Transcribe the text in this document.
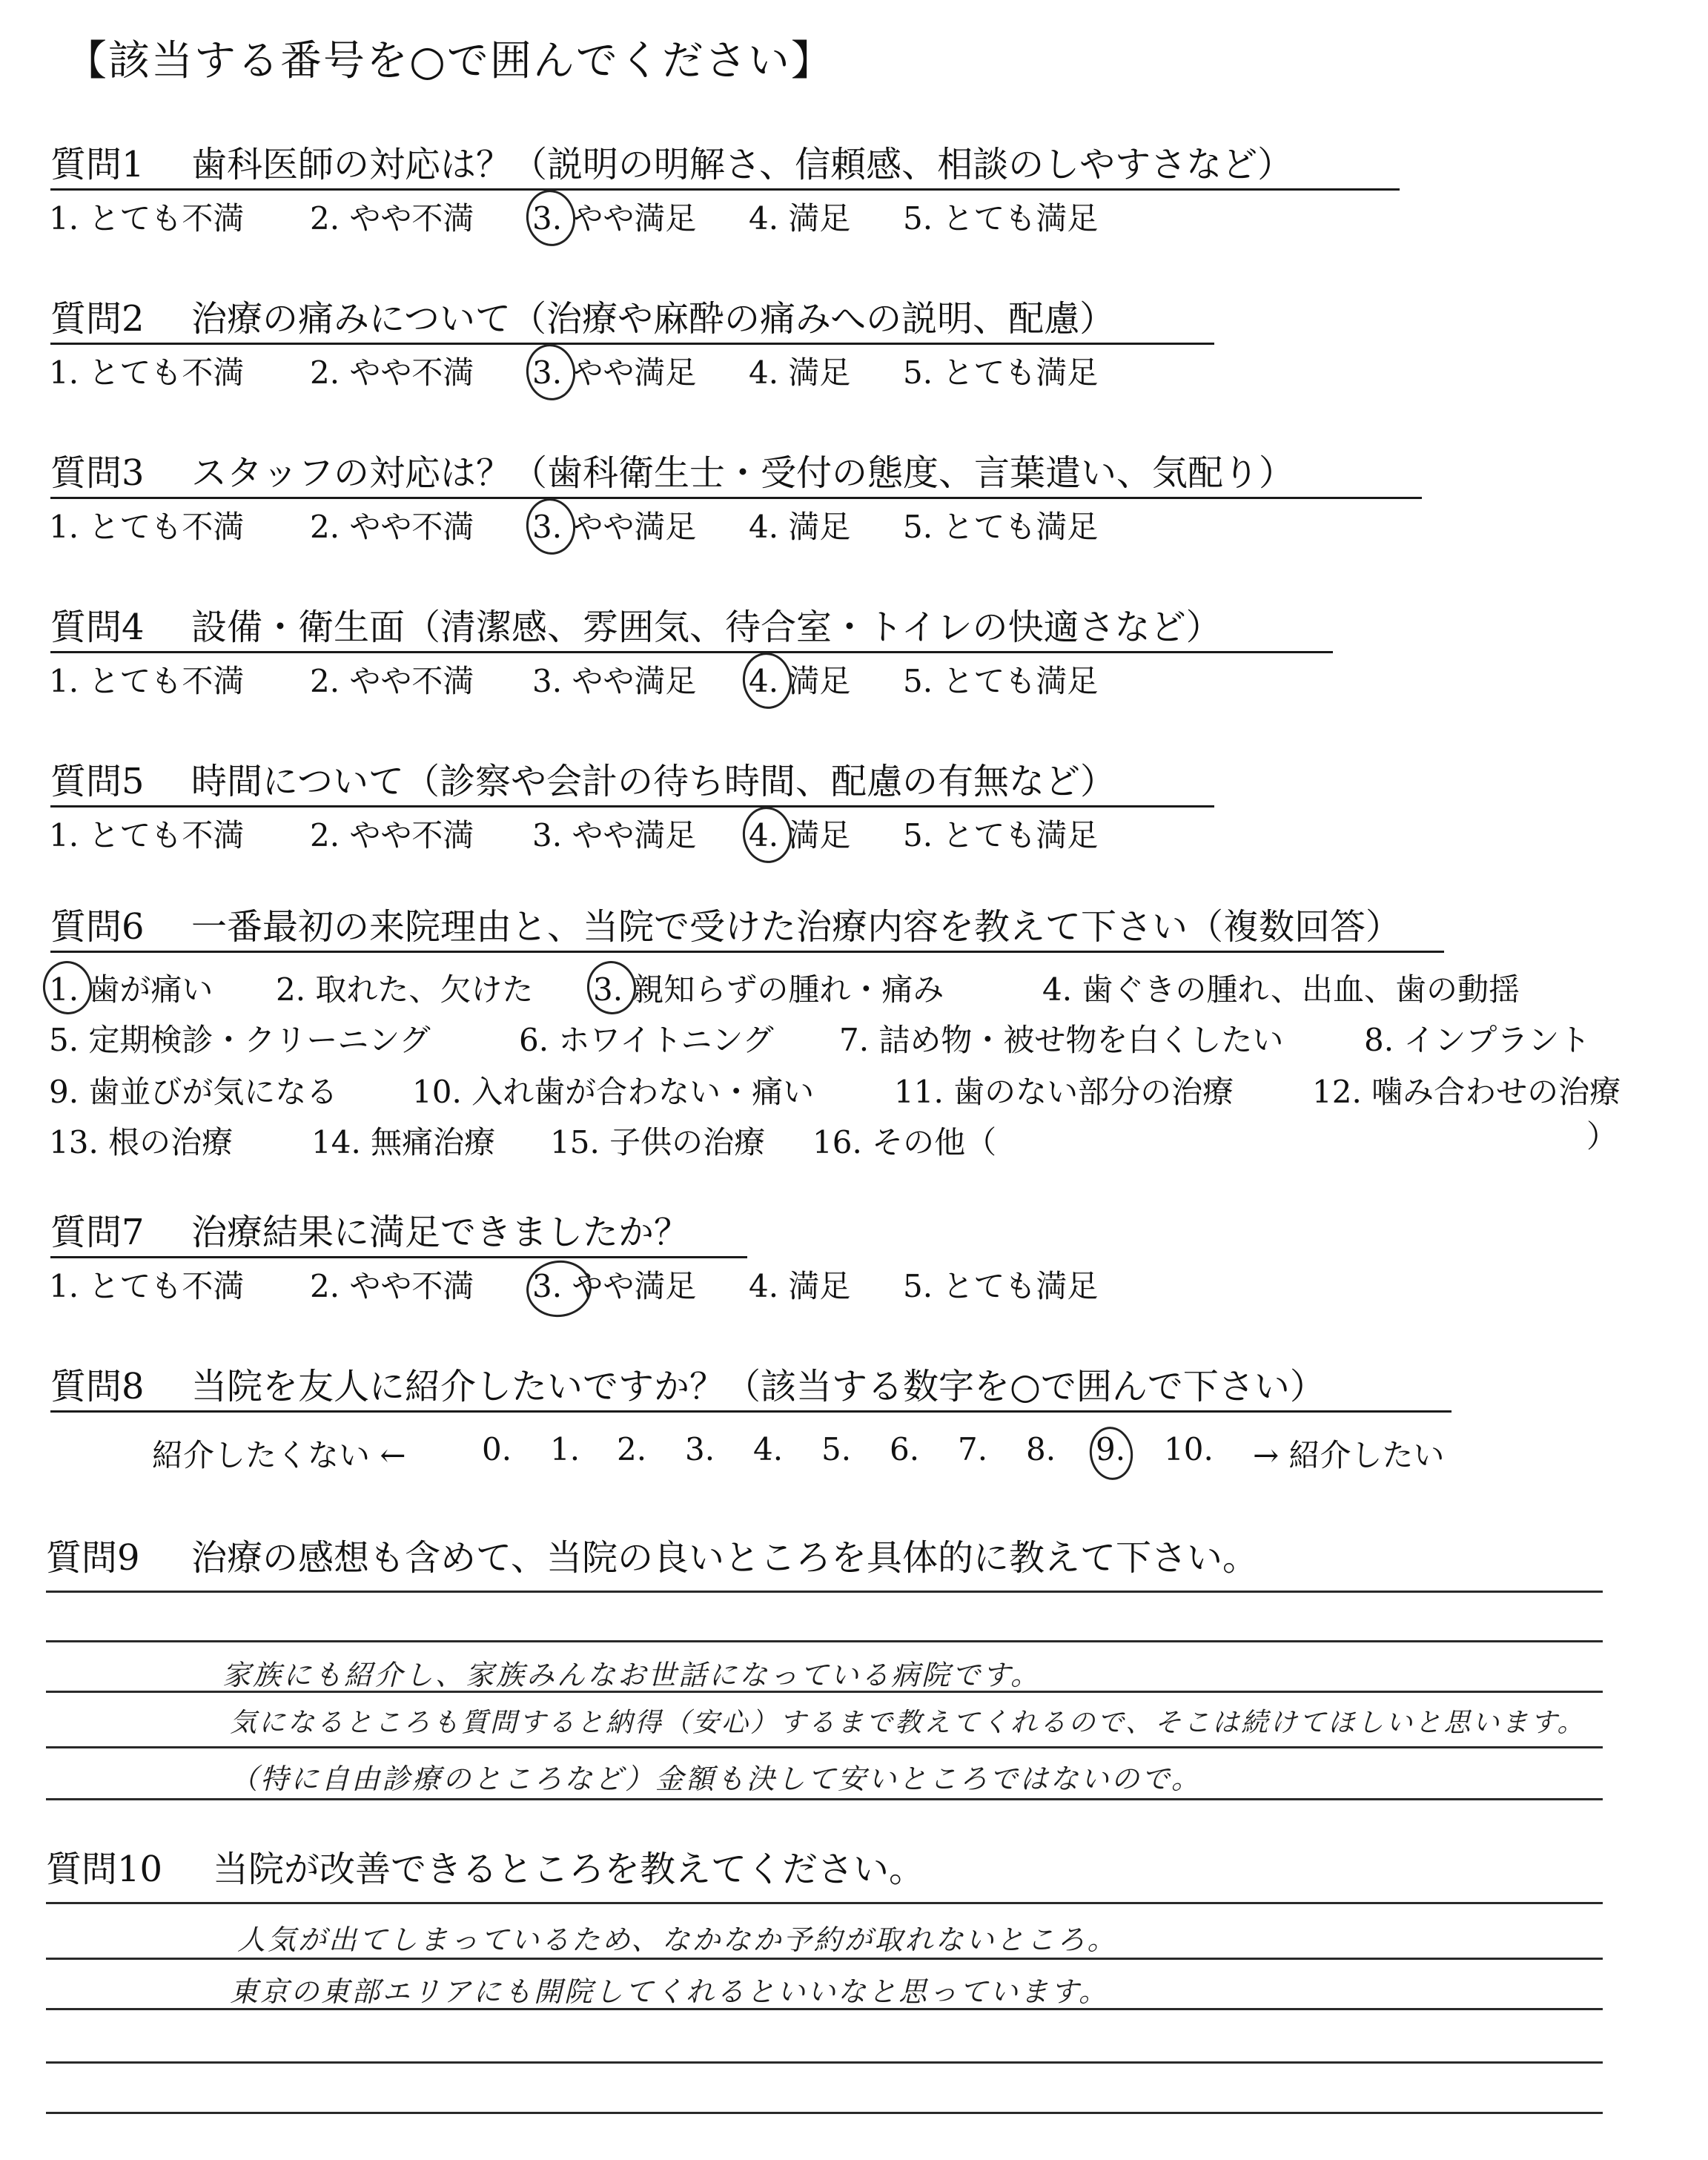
【該当する番号を○で囲んでください】
質問1 歯科医師の対応は？（説明の明解さ、信頼感、相談のしやすさなど）
1. とても不満 2. やや不満 3. やや満足 4. 満足 5. とても満足
質問2 治療の痛みについて（治療や麻酔の痛みへの説明、配慮）
1. とても不満 2. やや不満 3. やや満足 4. 満足 5. とても満足
質問3 スタッフの対応は？（歯科衛生士・受付の態度、言葉遣い、気配り）
1. とても不満 2. やや不満 3. やや満足 4. 満足 5. とても満足
質問4 設備・衛生面（清潔感、雰囲気、待合室・トイレの快適さなど）
1. とても不満 2. やや不満 3. やや満足 4. 満足 5. とても満足
質問5 時間について（診察や会計の待ち時間、配慮の有無など）
1. とても不満 2. やや不満 3. やや満足 4. 満足 5. とても満足
質問6 一番最初の来院理由と、当院で受けた治療内容を教えて下さい（複数回答）
1. 歯が痛い 2. 取れた、欠けた 3. 親知らずの腫れ・痛み	4. 歯ぐきの腫れ、出血、歯の動揺
5. 定期検診・クリーニング	6. ホワイトニング 7. 詰め物・被せ物を白くしたい	8. インプラント
9. 歯並びが気になる 10. 入れ歯が合わない・痛い	11. 歯のない部分の治療	12. 噛み合わせの治療
13. 根の治療	14. 無痛治療 15. 子供の治療 16. その他（	）
質問7 治療結果に満足できましたか？
1. とても不満 2. やや不満 3. やや満足 4. 満足 5. とても満足
質問8 当院を友人に紹介したいですか？（該当する数字を○で囲んで下さい）
紹介したくない ← 0. 1. 2. 3. 4. 5. 6. 7. 8. 9. 10. → 紹介したい
質問9 治療の感想も含めて、当院の良いところを具体的に教えて下さい。
家族にも紹介し、家族みんなお世話になっている病院です。
気になるところも質問すると納得（安心）するまで教えてくれるので、そこは続けてほしいと思います。
（特に自由診療のところなど）金額も決して安いところではないので。
質問10 当院が改善できるところを教えてください。
人気が出てしまっているため、なかなか予約が取れないところ。
東京の東部エリアにも開院してくれるといいなと思っています。
